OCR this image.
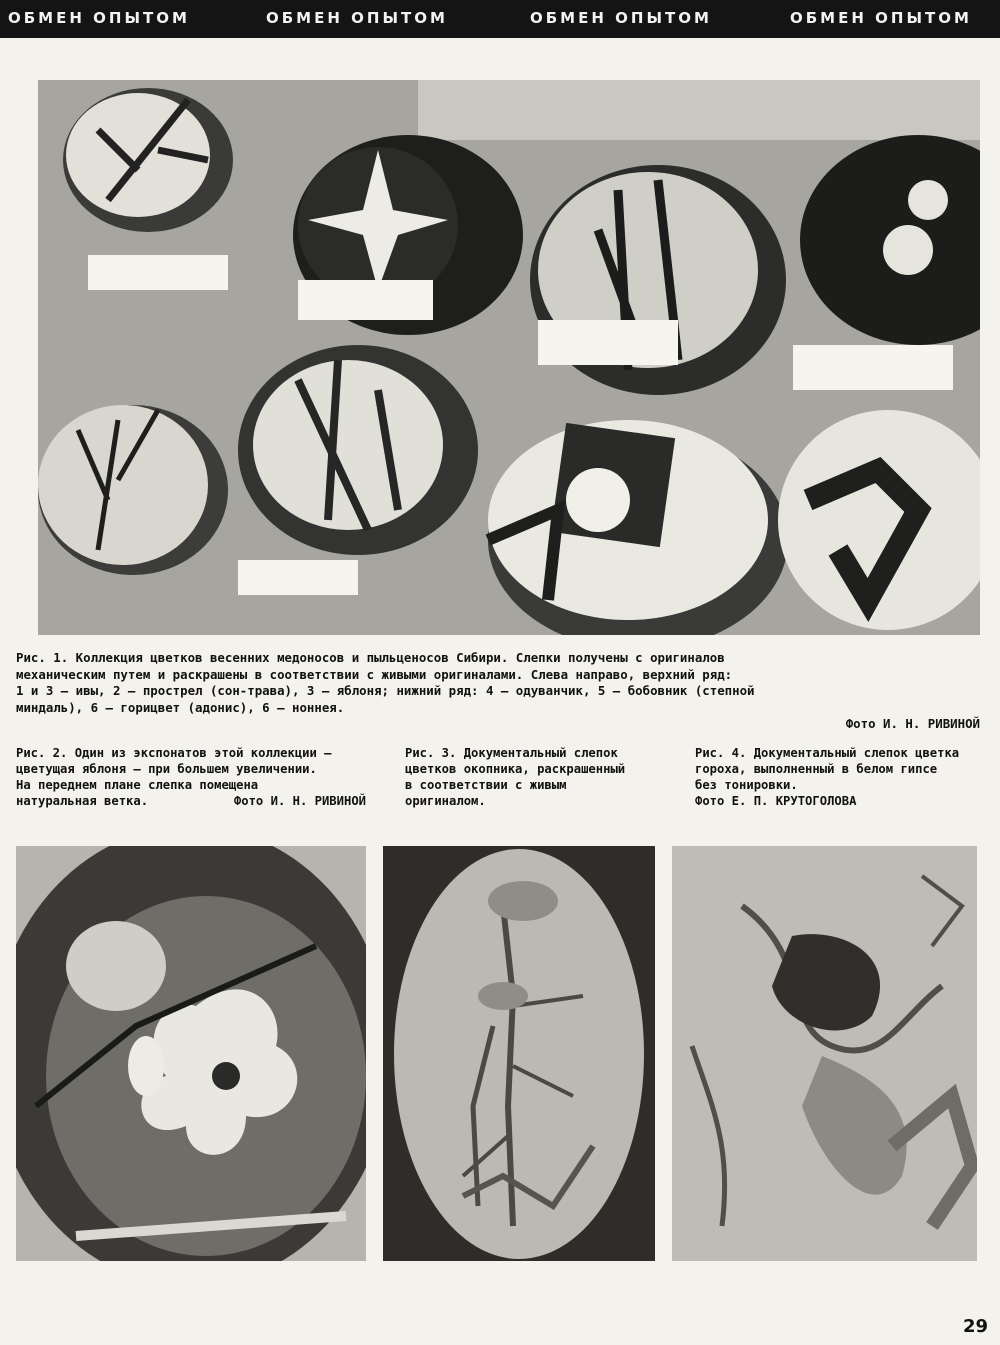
ОБМЕН ОПЫТОМ	ОБМЕН ОПЫТОМ	ОБМЕН ОПЫТОМ	ОБМЕН ОПЫТОМ
Рис. 1. Коллекция цветков весенних медоносов и пыльценосов Сибири. Слепки получены с оригиналов
механическим путем и раскрашены в соответствии с живыми оригиналами. Слева направо, верхний ряд:
1 и 3 — ивы, 2 — прострел (сон-трава), 3 — яблоня; нижний ряд: 4 — одуванчик, 5 — бобовник (степной
миндаль), 6 — горицвет (адонис), 6 — ноннея.
Фото И. Н. РИВИНОЙ
Рис. 2. Один из экспонатов этой коллекции —
цветущая яблоня — при большем увеличении.
На переднем плане слепка помещена
натуральная ветка.	Фото И. Н. РИВИНОЙ
Рис. 3. Документальный слепок
цветков окопника, раскрашенный
в соответствии с живым
оригиналом.
Рис. 4. Документальный слепок цветка
гороха, выполненный в белом гипсе
без тонировки.
Фото Е. П. КРУТОГОЛОВА
29
